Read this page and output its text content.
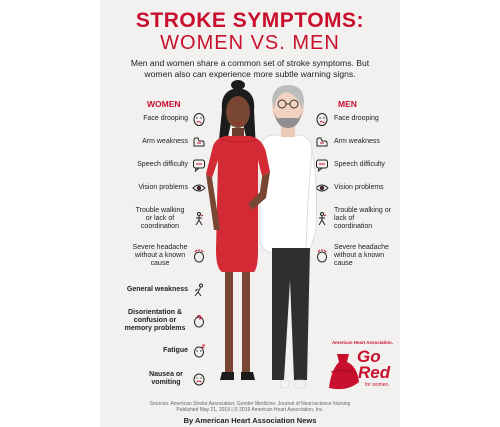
STROKE SYMPTOMS:
WOMEN VS. MEN
Men and women share a common set of stroke symptoms. But women also can experience more subtle warning signs.
WOMEN	MEN
Face drooping
Arm weakness
Speech difficulty
Vision problems
Trouble walking or lack of coordination
Severe headache without a known cause
General weakness
Disorientation & confusion or memory problems
Fatigue
Nausea or vomiting
Face drooping
Arm weakness
Speech difficulty
Vision problems
Trouble walking or lack of coordination
Severe headache without a known cause
American Heart Association.
Go
Red
for women.
Sources: American Stroke Association; Gender Medicine; Journal of Neuroscience Nursing
Published May 21, 2019 | © 2019 American Heart Association, Inc.
By American Heart Association News
